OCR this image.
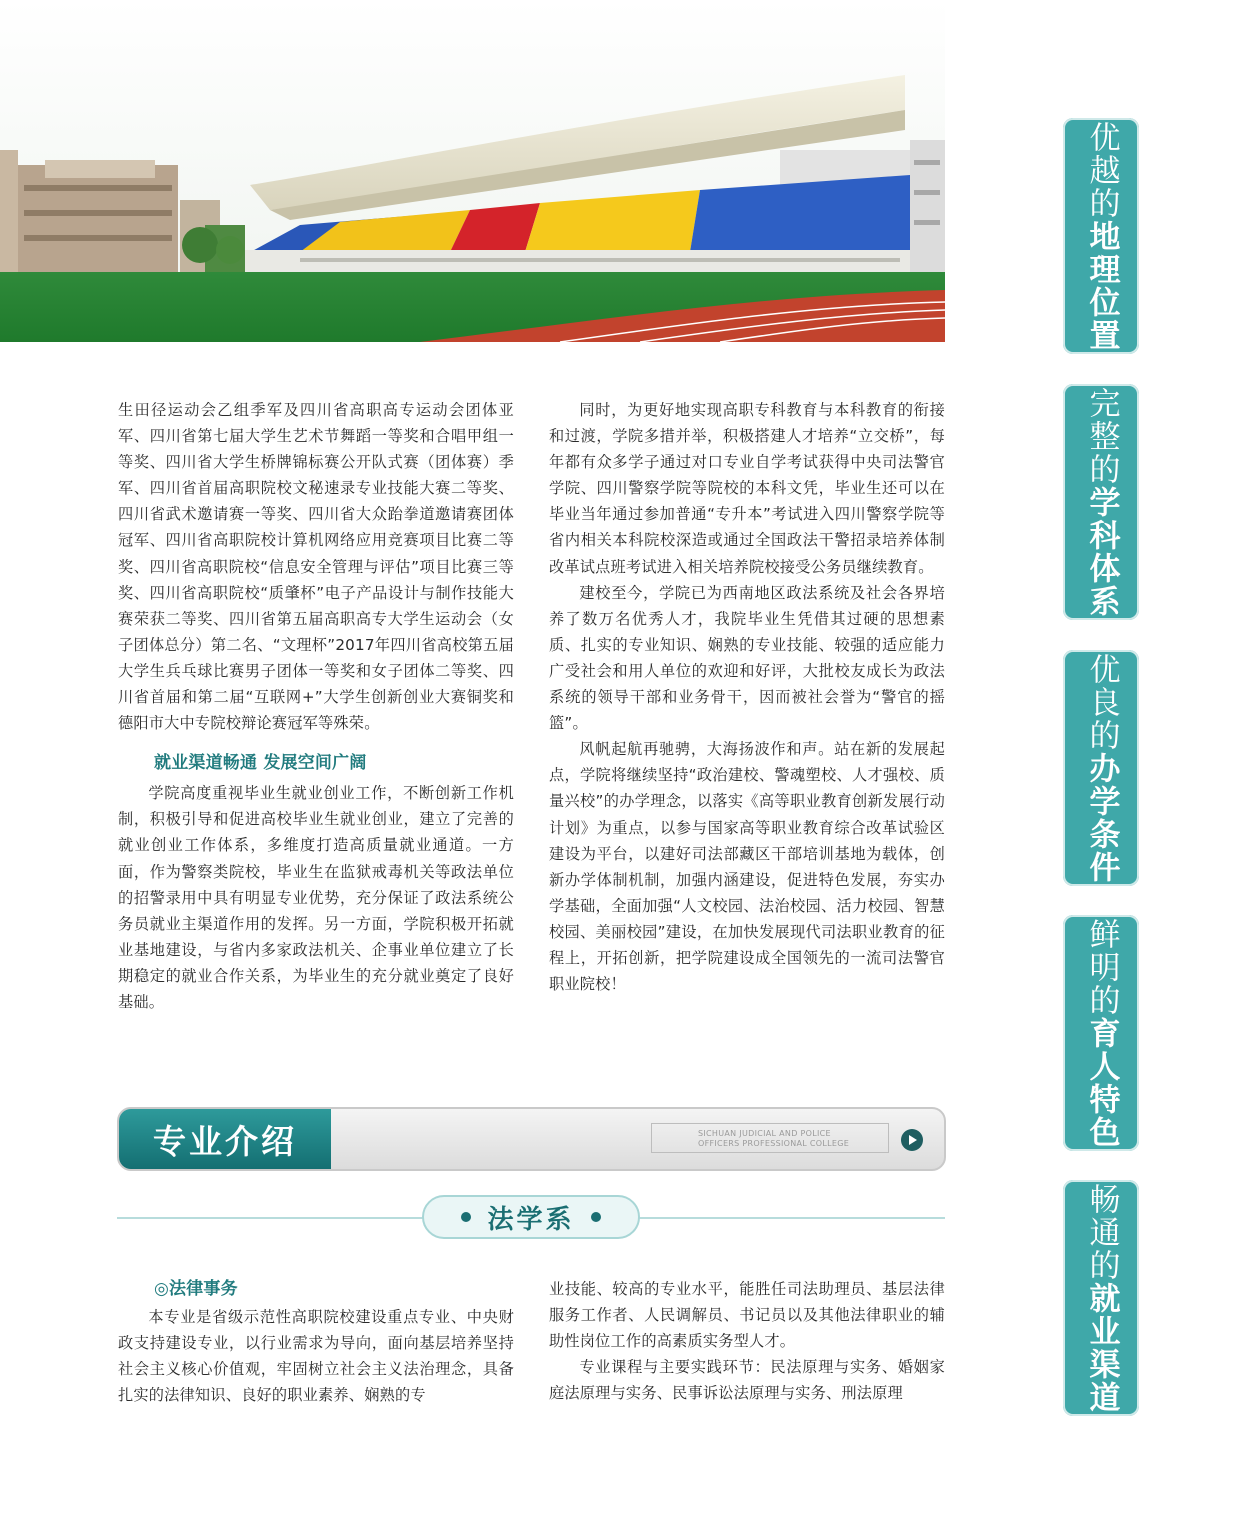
生田径运动会乙组季军及四川省高职高专运动会团体亚军、四川省第七届大学生艺术节舞蹈一等奖和合唱甲组一等奖、四川省大学生桥牌锦标赛公开队式赛（团体赛）季军、四川省首届高职院校文秘速录专业技能大赛二等奖、四川省武术邀请赛一等奖、四川省大众跆拳道邀请赛团体冠军、四川省高职院校计算机网络应用竞赛项目比赛二等奖、四川省高职院校“信息安全管理与评估”项目比赛三等奖、四川省高职院校“质肇杯”电子产品设计与制作技能大赛荣获二等奖、四川省第五届高职高专大学生运动会（女子团体总分）第二名、“文理杯”2017年四川省高校第五届大学生兵乓球比赛男子团体一等奖和女子团体二等奖、四川省首届和第二届“互联网+”大学生创新创业大赛铜奖和德阳市大中专院校辩论赛冠军等殊荣。

就业渠道畅通 发展空间广阔

学院高度重视毕业生就业创业工作，不断创新工作机制，积极引导和促进高校毕业生就业创业，建立了完善的就业创业工作体系，多维度打造高质量就业通道。一方面，作为警察类院校，毕业生在监狱戒毒机关等政法单位的招警录用中具有明显专业优势，充分保证了政法系统公务员就业主渠道作用的发挥。另一方面，学院积极开拓就业基地建设，与省内多家政法机关、企事业单位建立了长期稳定的就业合作关系，为毕业生的充分就业奠定了良好基础。

同时，为更好地实现高职专科教育与本科教育的衔接和过渡，学院多措并举，积极搭建人才培养“立交桥”，每年都有众多学子通过对口专业自学考试获得中央司法警官学院、四川警察学院等院校的本科文凭，毕业生还可以在毕业当年通过参加普通“专升本”考试进入四川警察学院等省内相关本科院校深造或通过全国政法干警招录培养体制改革试点班考试进入相关培养院校接受公务员继续教育。

建校至今，学院已为西南地区政法系统及社会各界培养了数万名优秀人才，我院毕业生凭借其过硬的思想素质、扎实的专业知识、娴熟的专业技能、较强的适应能力广受社会和用人单位的欢迎和好评，大批校友成长为政法系统的领导干部和业务骨干，因而被社会誉为“警官的摇篮”。

风帆起航再驰骋，大海扬波作和声。站在新的发展起点，学院将继续坚持“政治建校、警魂塑校、人才强校、质量兴校”的办学理念，以落实《高等职业教育创新发展行动计划》为重点，以参与国家高等职业教育综合改革试验区建设为平台，以建好司法部藏区干部培训基地为载体，创新办学体制机制，加强内涵建设，促进特色发展，夯实办学基础，全面加强“人文校园、法治校园、活力校园、智慧校园、美丽校园”建设，在加快发展现代司法职业教育的征程上，开拓创新，把学院建设成全国领先的一流司法警官职业院校！

优越的地理位置
完整的学科体系
优良的办学条件
鲜明的育人特色
畅通的就业渠道
专业介绍	SICHUAN JUDICIAL AND POLICE
OFFICERS PROFESSIONAL COLLEGE
法学系
◎法律事务

本专业是省级示范性高职院校建设重点专业、中央财政支持建设专业，以行业需求为导向，面向基层培养坚持社会主义核心价值观，牢固树立社会主义法治理念，具备扎实的法律知识、良好的职业素养、娴熟的专

业技能、较高的专业水平，能胜任司法助理员、基层法律服务工作者、人民调解员、书记员以及其他法律职业的辅助性岗位工作的高素质实务型人才。

专业课程与主要实践环节：民法原理与实务、婚姻家庭法原理与实务、民事诉讼法原理与实务、刑法原理
